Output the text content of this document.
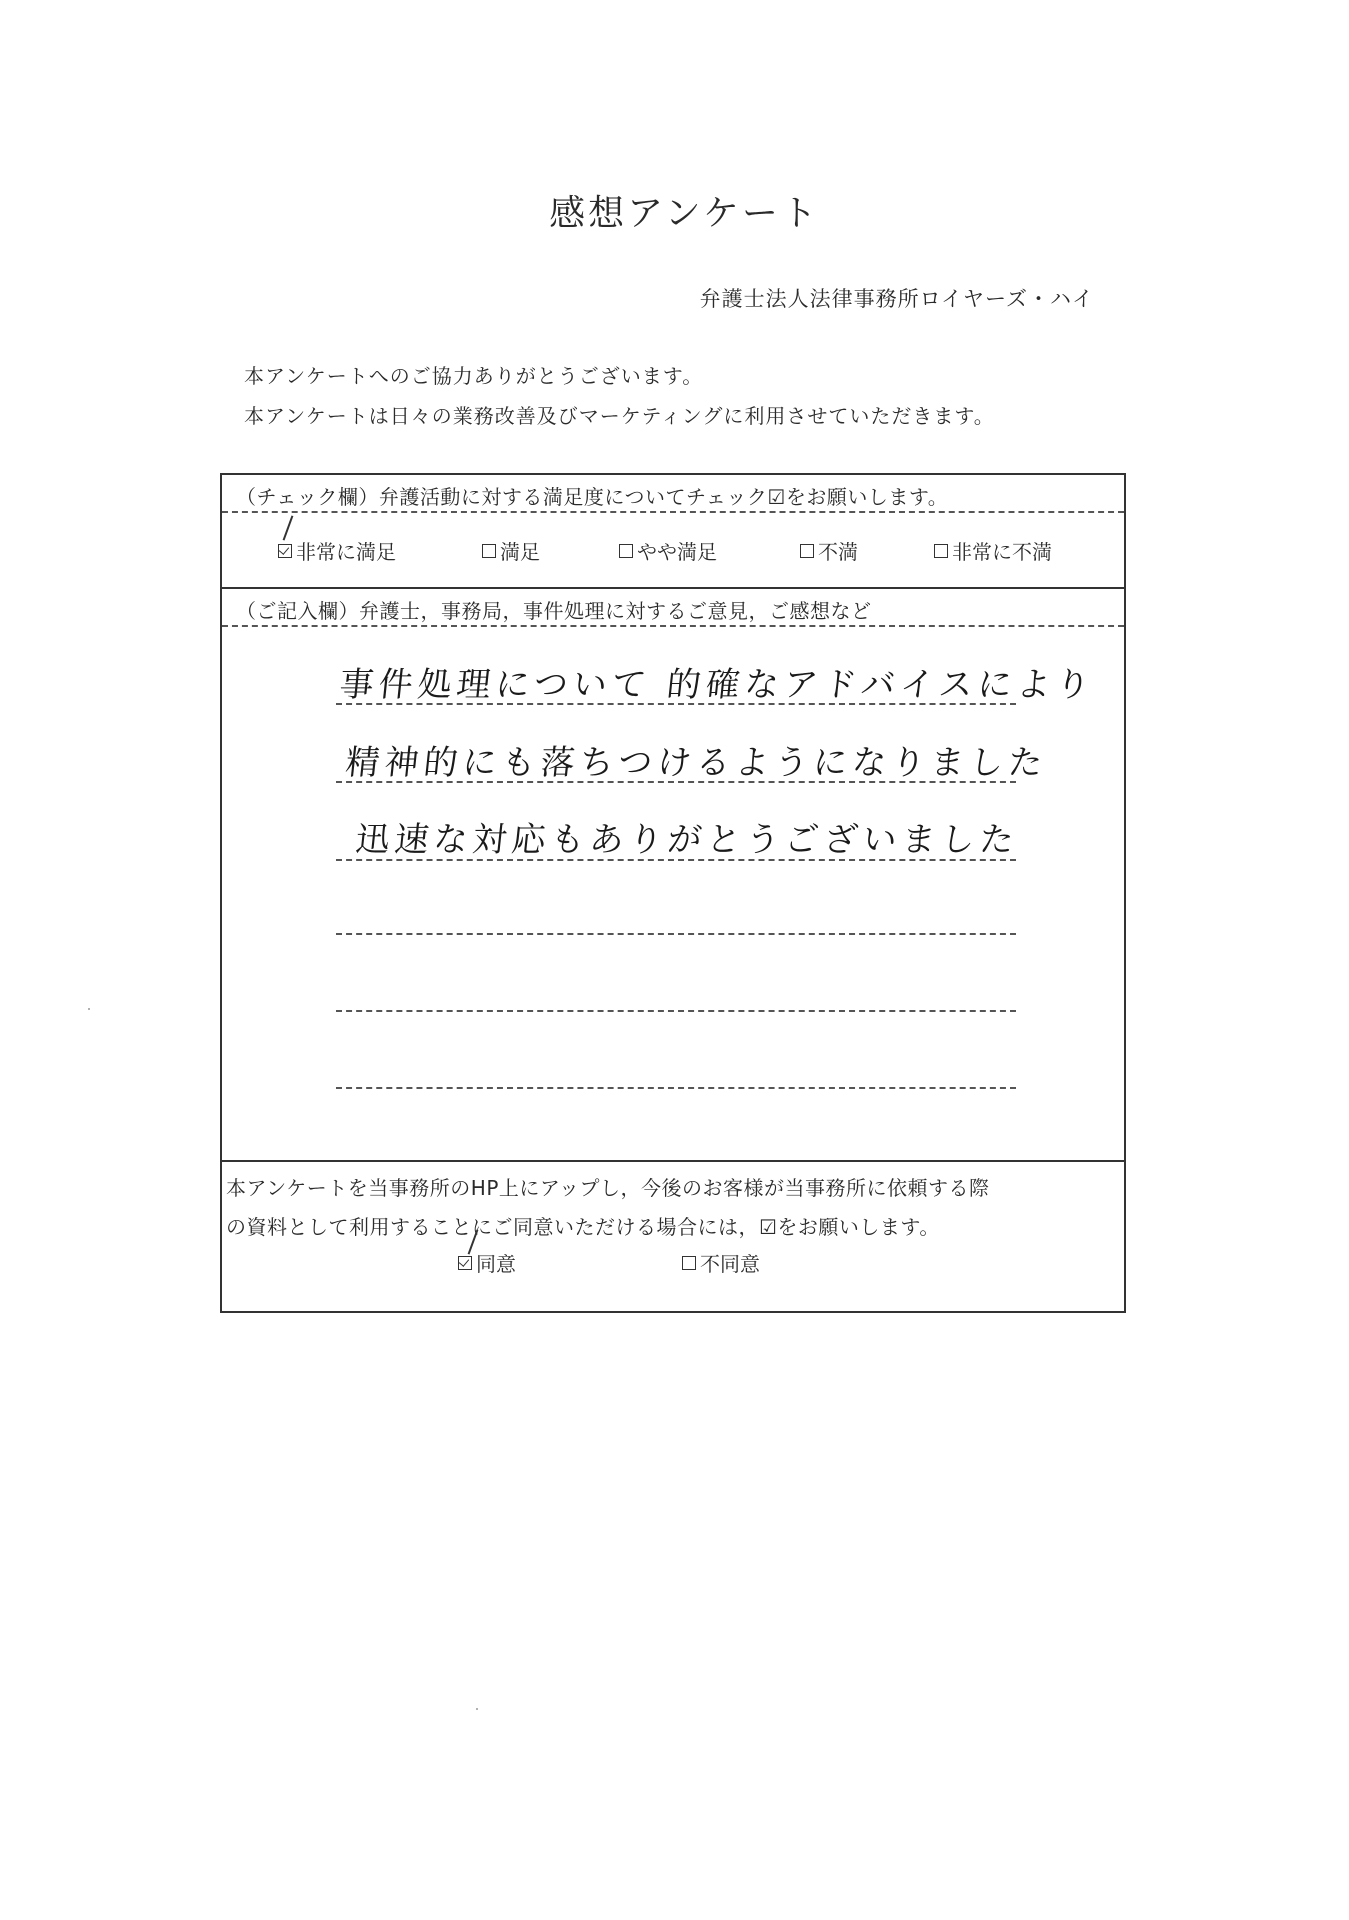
感想アンケート
弁護士法人法律事務所ロイヤーズ・ハイ
本アンケートへのご協力ありがとうございます。
本アンケートは日々の業務改善及びマーケティングに利用させていただきます。
（チェック欄）弁護活動に対する満足度についてチェック☑をお願いします。
非常に満足	満足	やや満足	不満	非常に不満
（ご記入欄）弁護士，事務局，事件処理に対するご意見，ご感想など
事件処理について 的確なアドバイスにより
精神的にも落ちつけるようになりました
迅速な対応もありがとうございました
本アンケートを当事務所のHP上にアップし，今後のお客様が当事務所に依頼する際
の資料として利用することにご同意いただける場合には，☑をお願いします。
同意	不同意
